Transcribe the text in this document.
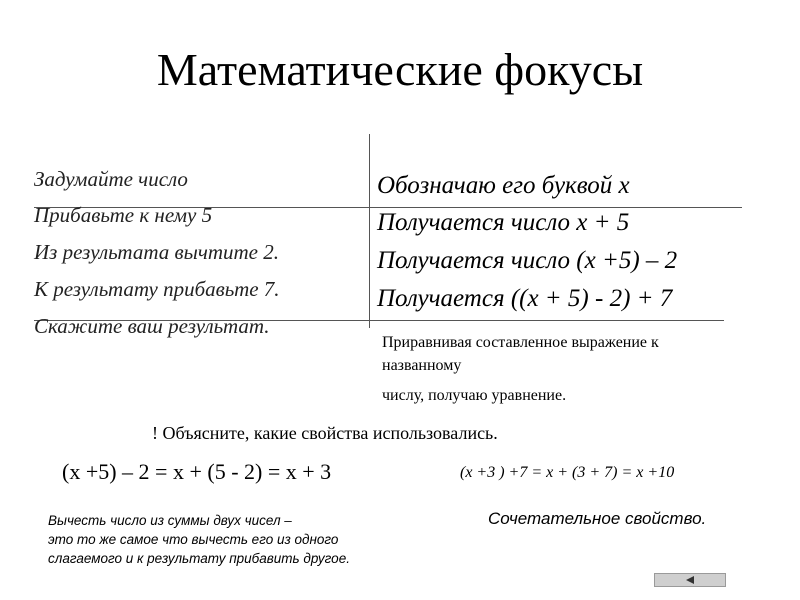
Математические фокусы
Задумайте число
Прибавьте к нему 5
Из результата вычтите 2.
К результату прибавьте 7.
Скажите ваш результат.
Обозначаю его буквой x
Получается число x + 5
Получается число (x +5) – 2
Получается ((x + 5) - 2) + 7
Приравнивая составленное выражение к
названному
числу, получаю уравнение.
! Объясните, какие свойства использовались.
(x +5) – 2 = x + (5 - 2) = x + 3	(x +3 ) +7 = x + (3 + 7) = x +10
Вычесть число из суммы двух чисел –
это то же самое что вычесть его из одного
слагаемого и к результату прибавить другое.
Сочетательное свойство.
